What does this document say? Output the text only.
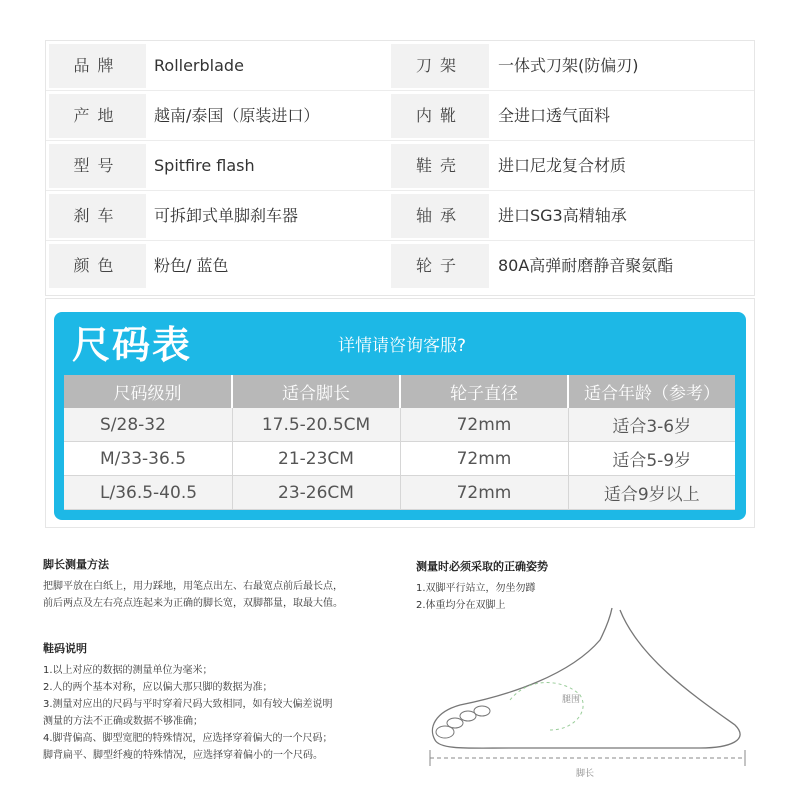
品牌	Rollerblade	刀架	一体式刀架(防偏刃)
产地	越南/泰国（原装进口）	内靴	全进口透气面料
型号	Spitfire flash	鞋壳	进口尼龙复合材质
刹车	可拆卸式单脚刹车器	轴承	进口SG3高精轴承
颜色	粉色/ 蓝色	轮子	80A高弹耐磨静音聚氨酯
尺码表	详情请咨询客服?
尺码级别	适合脚长	轮子直径	适合年龄（参考）
S/28-32	17.5-20.5CM	72mm	适合3-6岁
M/33-36.5	21-23CM	72mm	适合5-9岁
L/36.5-40.5	23-26CM	72mm	适合9岁以上

脚长测量方法

把脚平放在白纸上，用力踩地，用笔点出左、右最宽点前后最长点，

前后两点及左右亮点连起来为正确的脚长宽，双脚都量，取最大值。

鞋码说明

1.以上对应的数据的测量单位为毫米；

2.人的两个基本对称，应以偏大那只脚的数据为准；

3.测量对应出的尺码与平时穿着尺码大致相同，如有较大偏差说明

测量的方法不正确或数据不够准确；

4.脚背偏高、脚型宽肥的特殊情况，应选择穿着偏大的一个尺码；

脚背扁平、脚型纤瘦的特殊情况，应选择穿着偏小的一个尺码。

测量时必须采取的正确姿势

1.双脚平行站立，勿坐勿蹲

2.体重均分在双脚上

腿围
脚长
